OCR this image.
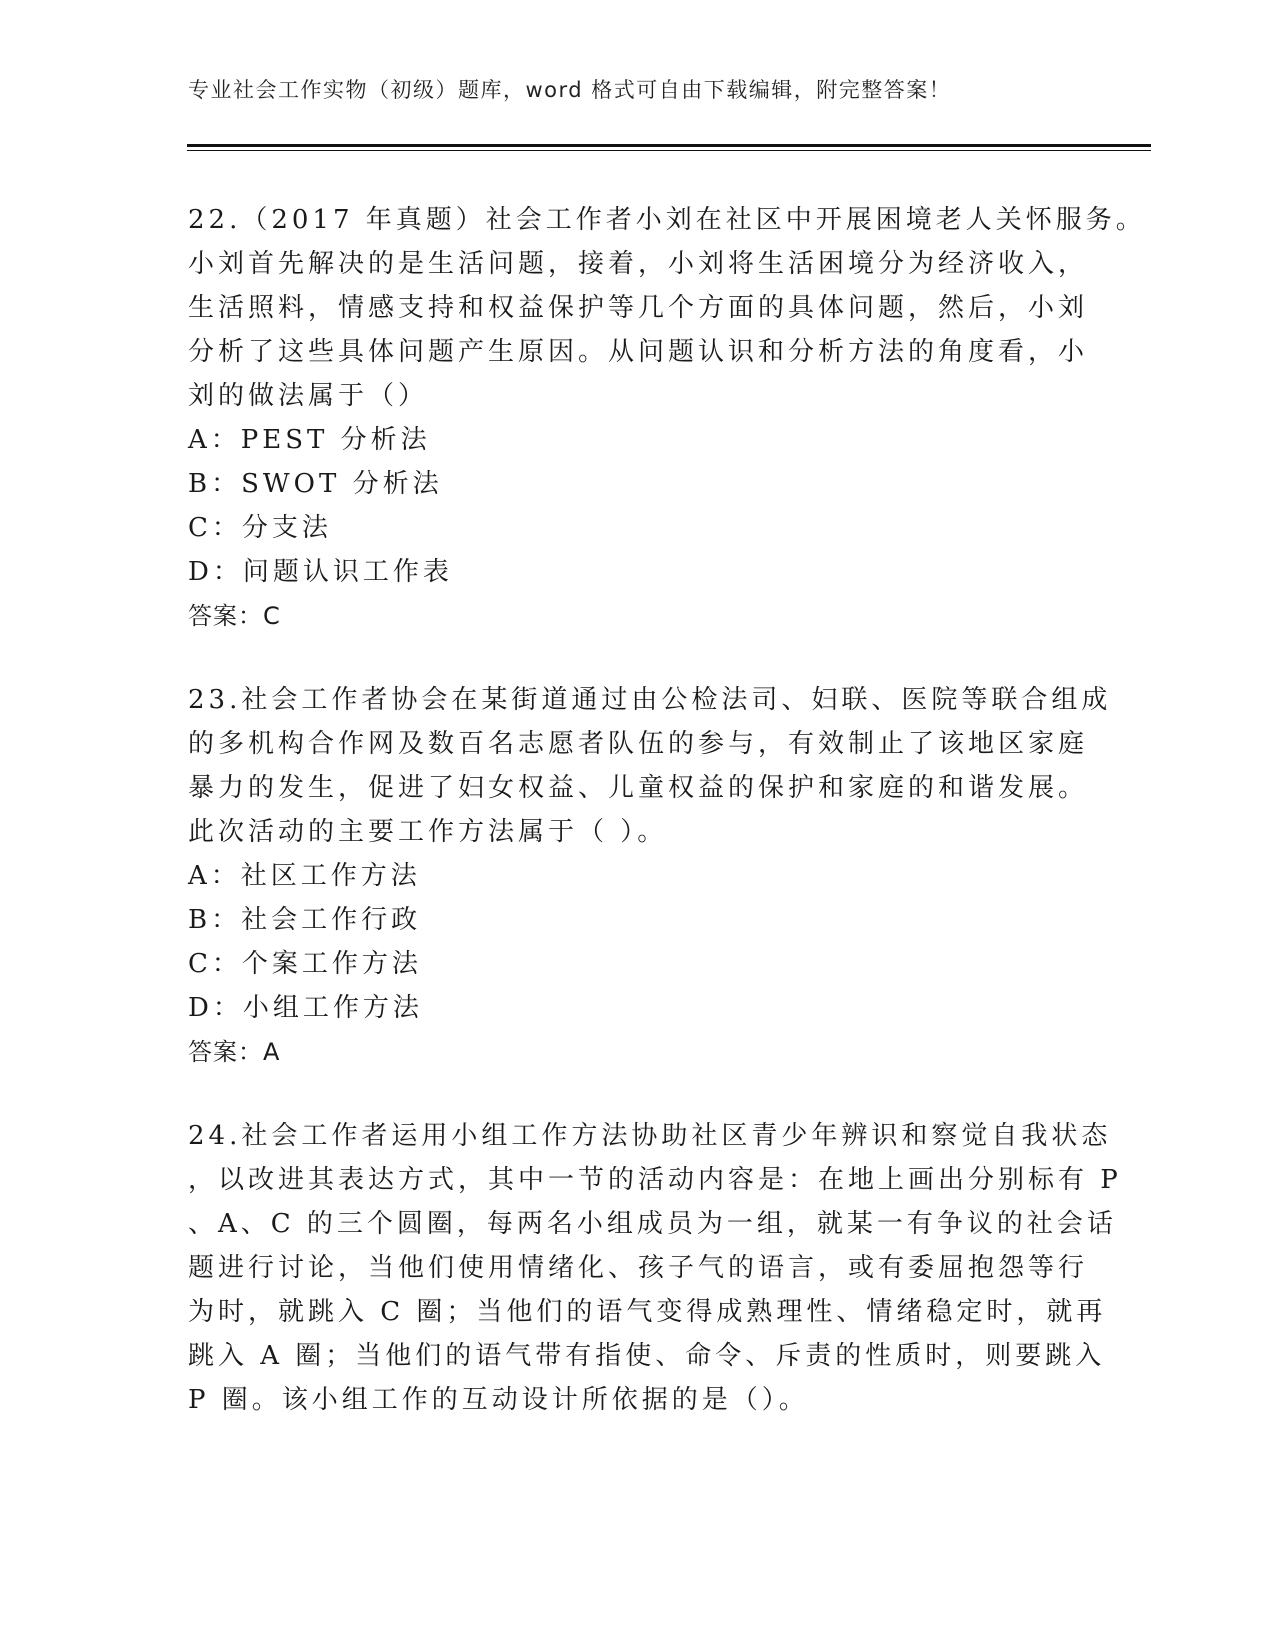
专业社会工作实物（初级）题库，word 格式可自由下载编辑，附完整答案！
22.（2017 年真题）社会工作者小刘在社区中开展困境老人关怀服务。
小刘首先解决的是生活问题，接着，小刘将生活困境分为经济收入，
生活照料，情感支持和权益保护等几个方面的具体问题，然后，小刘
分析了这些具体问题产生原因。从问题认识和分析方法的角度看，小
刘的做法属于（）
A：PEST 分析法
B：SWOT 分析法
C：分支法
D：问题认识工作表
答案：C
23.社会工作者协会在某街道通过由公检法司、妇联、医院等联合组成
的多机构合作网及数百名志愿者队伍的参与，有效制止了该地区家庭
暴力的发生，促进了妇女权益、儿童权益的保护和家庭的和谐发展。
此次活动的主要工作方法属于（ ）。
A：社区工作方法
B：社会工作行政
C：个案工作方法
D：小组工作方法
答案：A
24.社会工作者运用小组工作方法协助社区青少年辨识和察觉自我状态
，以改进其表达方式，其中一节的活动内容是：在地上画出分别标有 P
、A、C 的三个圆圈，每两名小组成员为一组，就某一有争议的社会话
题进行讨论，当他们使用情绪化、孩子气的语言，或有委屈抱怨等行
为时，就跳入 C 圈；当他们的语气变得成熟理性、情绪稳定时，就再
跳入 A 圈；当他们的语气带有指使、命令、斥责的性质时，则要跳入
P 圈。该小组工作的互动设计所依据的是（）。
